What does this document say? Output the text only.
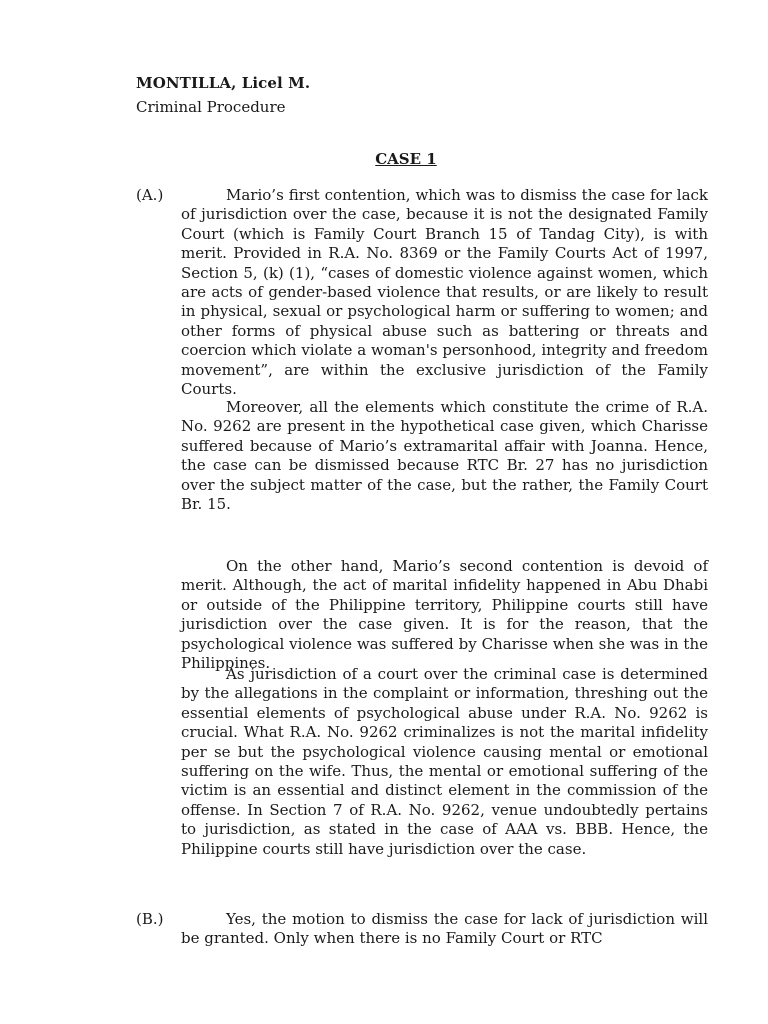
MONTILLA, Licel M.
Criminal Procedure
CASE 1
(A.)	Mario’s first contention, which was to dismiss the case for lack of jurisdiction over the case, because it is not the designated Family Court (which is Family Court Branch 15 of Tandag City), is with merit. Provided in R.A. No. 8369 or the Family Courts Act of 1997, Section 5, (k) (1), “cases of domestic violence against women, which are acts of gender-based violence that results, or are likely to result in physical, sexual or psychological harm or suffering to women; and other forms of physical abuse such as battering or threats and coercion which violate a woman's personhood, integrity and freedom movement”, are within the exclusive jurisdiction of the Family Courts.

Moreover, all the elements which constitute the crime of R.A. No. 9262 are present in the hypothetical case given, which Charisse suffered because of Mario’s extramarital affair with Joanna. Hence, the case can be dismissed because RTC Br. 27 has no jurisdiction over the subject matter of the case, but the rather, the Family Court Br. 15.

On the other hand, Mario’s second contention is devoid of merit. Although, the act of marital infidelity happened in Abu Dhabi or outside of the Philippine territory, Philippine courts still have jurisdiction over the case given. It is for the reason, that the psychological violence was suffered by Charisse when she was in the Philippines.

As jurisdiction of a court over the criminal case is determined by the allegations in the complaint or information, threshing out the essential elements of psychological abuse under R.A. No. 9262 is crucial. What R.A. No. 9262 criminalizes is not the marital infidelity per se but the psychological violence causing mental or emotional suffering on the wife. Thus, the mental or emotional suffering of the victim is an essential and distinct element in the commission of the offense. In Section 7 of R.A. No. 9262, venue undoubtedly pertains to jurisdiction, as stated in the case of AAA vs. BBB. Hence, the Philippine courts still have jurisdiction over the case.

(B.)	Yes, the motion to dismiss the case for lack of jurisdiction will be granted. Only when there is no Family Court or RTC
